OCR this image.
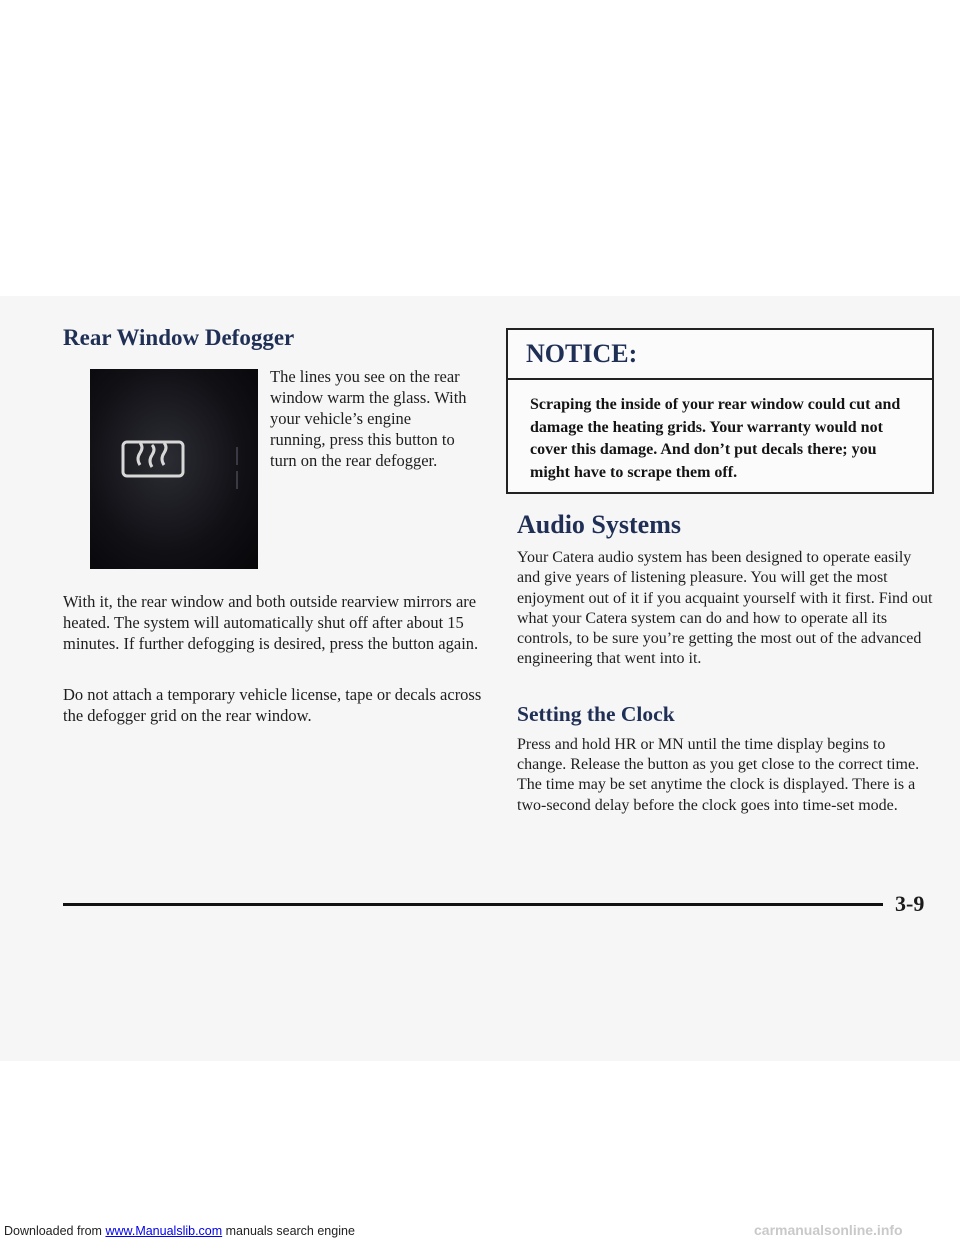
Rear Window Defogger

The lines you see on the rear window warm the glass. With your vehicle’s engine running, press this button to turn on the rear defogger.

With it, the rear window and both outside rearview mirrors are heated. The system will automatically shut off after about 15 minutes. If further defogging is desired, press the button again.

Do not attach a temporary vehicle license, tape or decals across the defogger grid on the rear window.

NOTICE:
Scraping the inside of your rear window could cut and damage the heating grids. Your warranty would not cover this damage. And don’t put decals there; you might have to scrape them off.
Audio Systems

Your Catera audio system has been designed to operate easily and give years of listening pleasure. You will get the most enjoyment out of it if you acquaint yourself with it first. Find out what your Catera system can do and how to operate all its controls, to be sure you’re getting the most out of the advanced engineering that went into it.

Setting the Clock

Press and hold HR or MN until the time display begins to change. Release the button as you get close to the correct time. The time may be set anytime the clock is displayed. There is a two-second delay before the clock goes into time-set mode.

3-9
Downloaded from www.Manualslib.com manuals search engine	carmanualsonline.info
